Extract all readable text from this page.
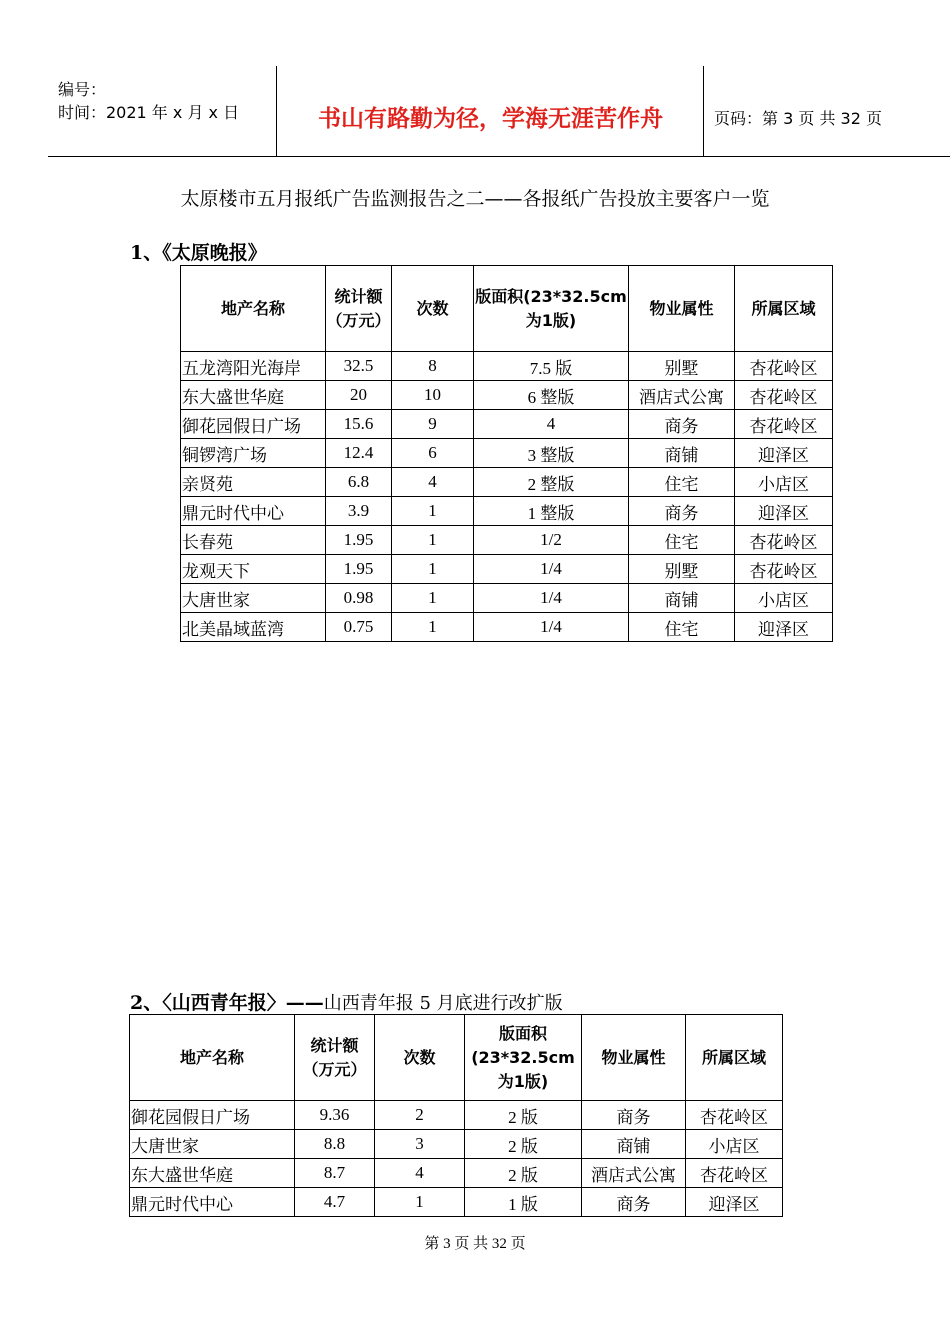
编号：
时间：2021 年 x 月 x 日	书山有路勤为径，学海无涯苦作舟	页码：第 3 页 共 32 页
太原楼市五月报纸广告监测报告之二——各报纸广告投放主要客户一览
1、《太原晚报》
地产名称	统计额（万元）	次数	版面积(23*32.5cm为1版)	物业属性	所属区域
五龙湾阳光海岸	32.5	8	7.5 版	别墅	杏花岭区
东大盛世华庭	20	10	6 整版	酒店式公寓	杏花岭区
御花园假日广场	15.6	9	4	商务	杏花岭区
铜锣湾广场	12.4	6	3 整版	商铺	迎泽区
亲贤苑	6.8	4	2 整版	住宅	小店区
鼎元时代中心	3.9	1	1 整版	商务	迎泽区
长春苑	1.95	1	1/2	住宅	杏花岭区
龙观天下	1.95	1	1/4	别墅	杏花岭区
大唐世家	0.98	1	1/4	商铺	小店区
北美晶域蓝湾	0.75	1	1/4	住宅	迎泽区
2、〈山西青年报〉——山西青年报 5 月底进行改扩版
地产名称	统计额（万元）	次数	版面积(23*32.5cm为1版)	物业属性	所属区域
御花园假日广场	9.36	2	2 版	商务	杏花岭区
大唐世家	8.8	3	2 版	商铺	小店区
东大盛世华庭	8.7	4	2 版	酒店式公寓	杏花岭区
鼎元时代中心	4.7	1	1 版	商务	迎泽区
第 3 页 共 32 页
